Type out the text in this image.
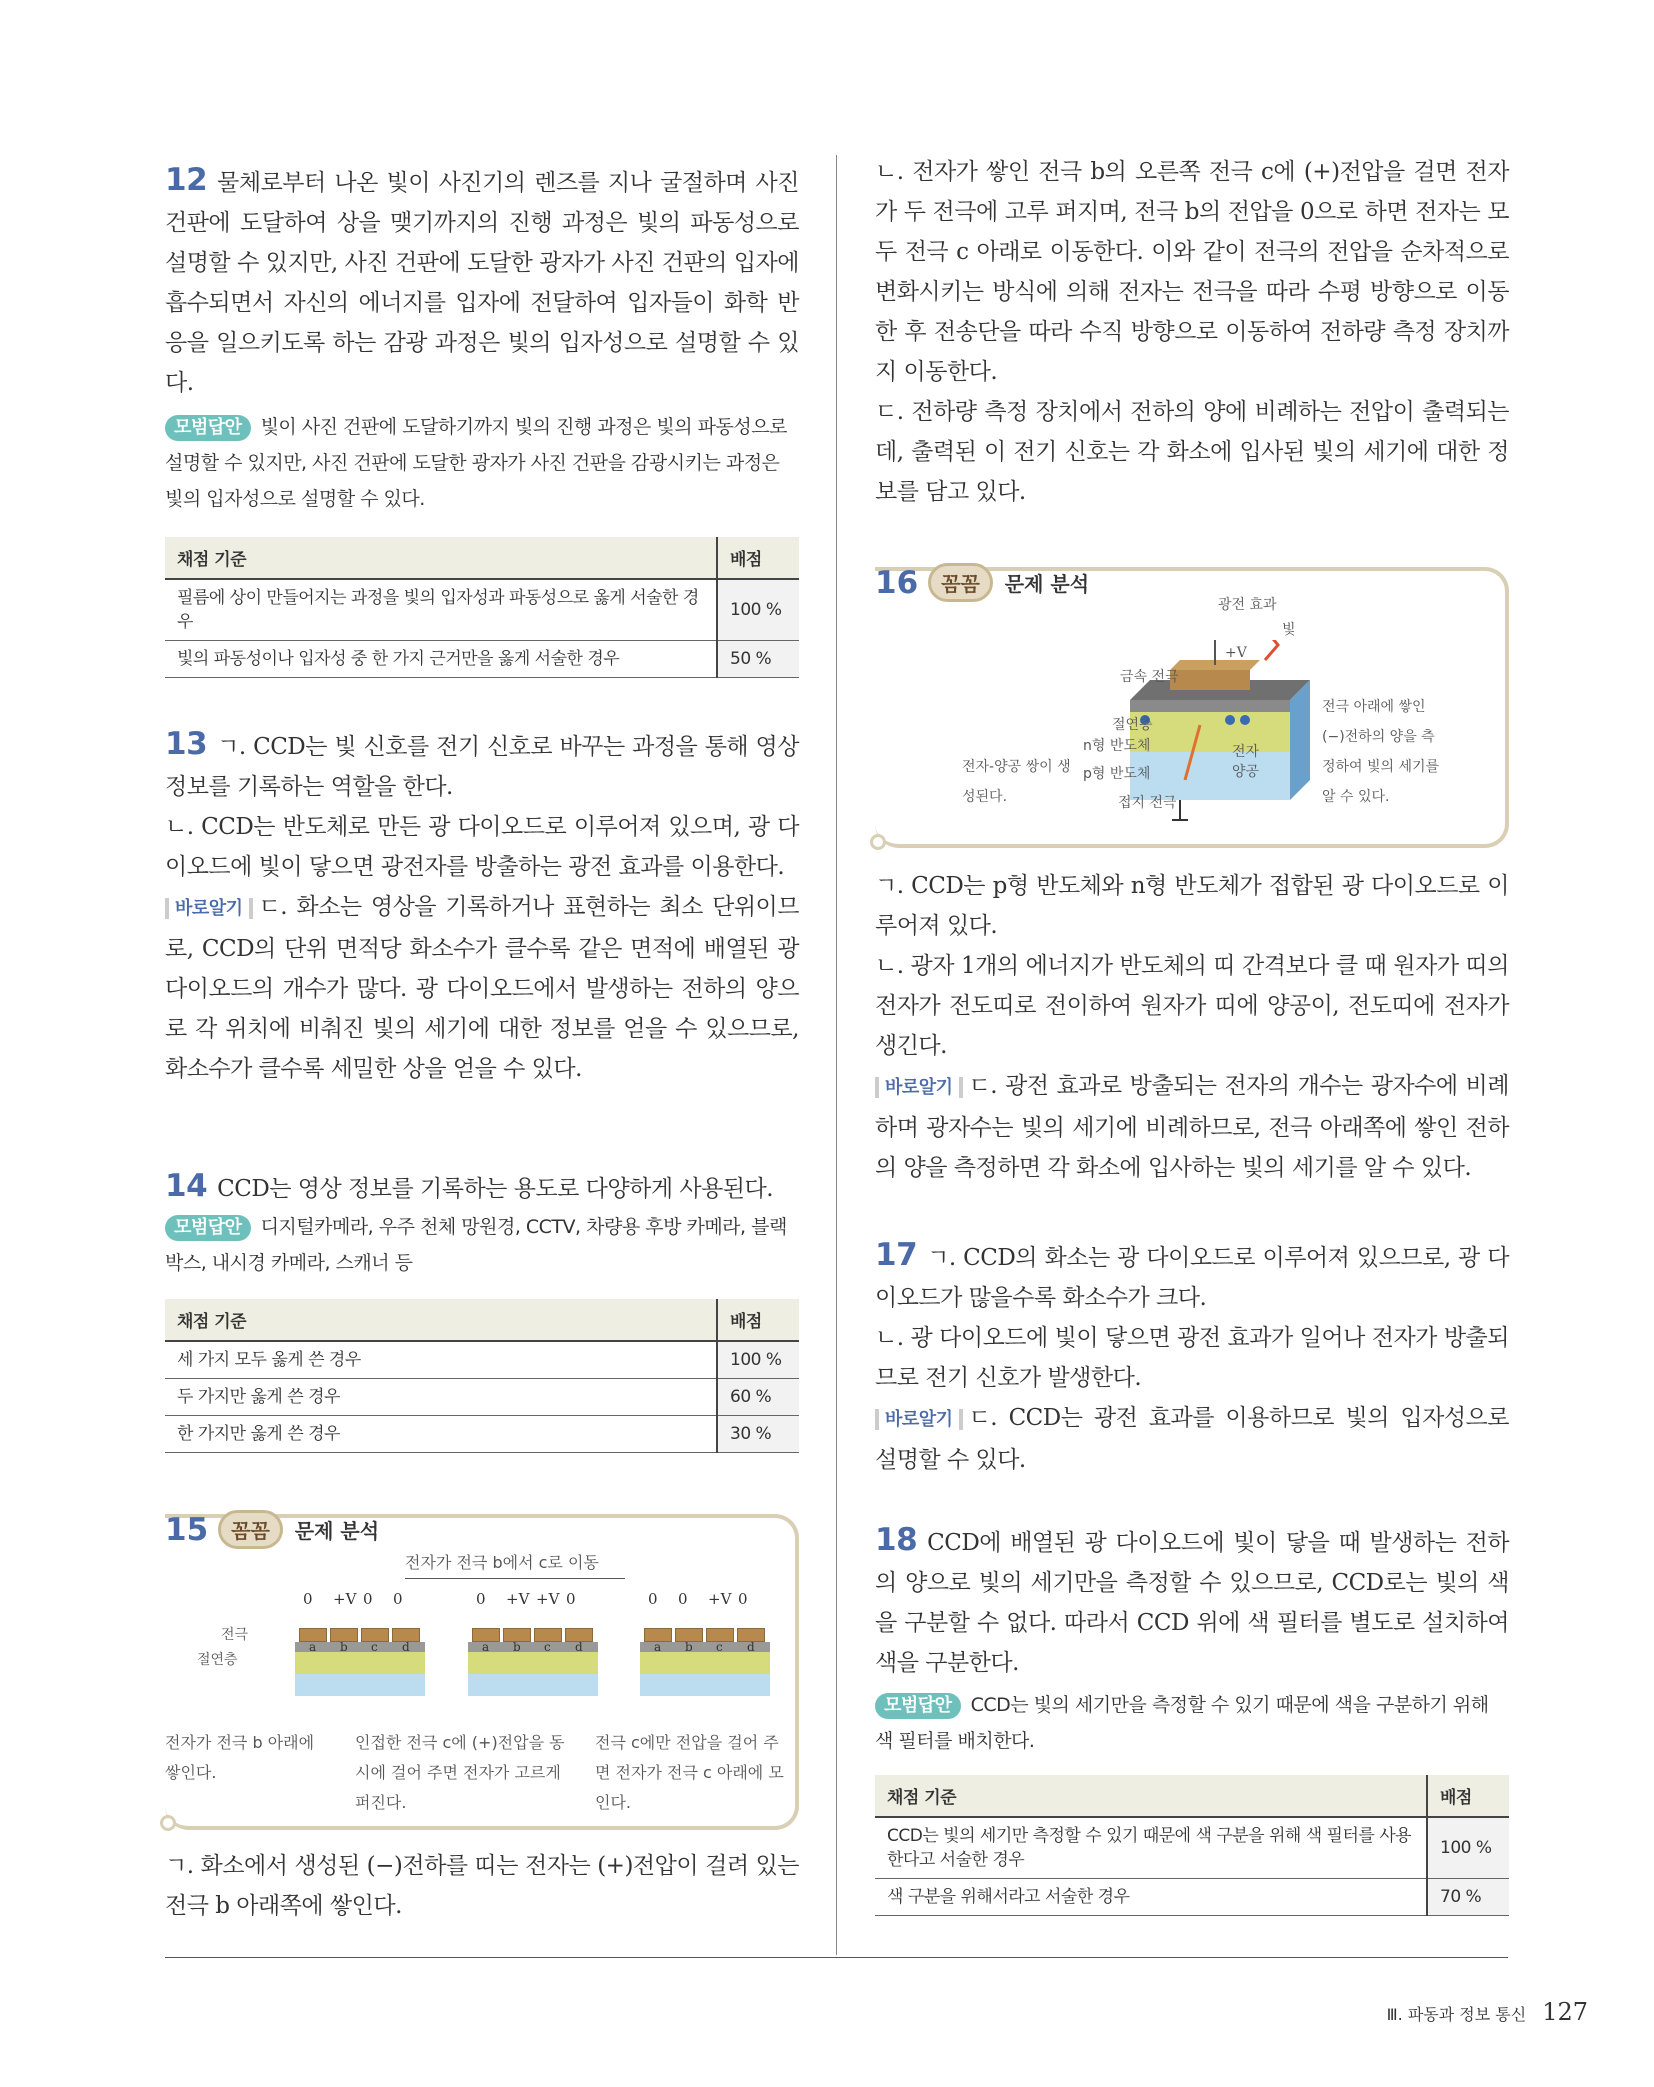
12 물체로부터 나온 빛이 사진기의 렌즈를 지나 굴절하며 사진 건판에 도달하여 상을 맺기까지의 진행 과정은 빛의 파동성으로 설명할 수 있지만, 사진 건판에 도달한 광자가 사진 건판의 입자에 흡수되면서 자신의 에너지를 입자에 전달하여 입자들이 화학 반응을 일으키도록 하는 감광 과정은 빛의 입자성으로 설명할 수 있다.

모범답안 빛이 사진 건판에 도달하기까지 빛의 진행 과정은 빛의 파동성으로 설명할 수 있지만, 사진 건판에 도달한 광자가 사진 건판을 감광시키는 과정은 빛의 입자성으로 설명할 수 있다.

채점 기준	배점
필름에 상이 만들어지는 과정을 빛의 입자성과 파동성으로 옳게 서술한 경우	100 %
빛의 파동성이나 입자성 중 한 가지 근거만을 옳게 서술한 경우	50 %

13 ㄱ. CCD는 빛 신호를 전기 신호로 바꾸는 과정을 통해 영상 정보를 기록하는 역할을 한다.

ㄴ. CCD는 반도체로 만든 광 다이오드로 이루어져 있으며, 광 다이오드에 빛이 닿으면 광전자를 방출하는 광전 효과를 이용한다.

바로알기 ㄷ. 화소는 영상을 기록하거나 표현하는 최소 단위이므로, CCD의 단위 면적당 화소수가 클수록 같은 면적에 배열된 광 다이오드의 개수가 많다. 광 다이오드에서 발생하는 전하의 양으로 각 위치에 비춰진 빛의 세기에 대한 정보를 얻을 수 있으므로, 화소수가 클수록 세밀한 상을 얻을 수 있다.

14 CCD는 영상 정보를 기록하는 용도로 다양하게 사용된다.

모범답안 디지털카메라, 우주 천체 망원경, CCTV, 차량용 후방 카메라, 블랙박스, 내시경 카메라, 스캐너 등

채점 기준	배점
세 가지 모두 옳게 쓴 경우	100 %
두 가지만 옳게 쓴 경우	60 %
한 가지만 옳게 쓴 경우	30 %
15	꼼꼼	문제 분석
전자가 전극 b에서 c로 이동
0
a
+V
b
0
c
0
d
0
a
+V
b
+V
c
0
d
0
a
0
b
+V
c
0
d
전극
절연층
전자가 전극 b 아래에 쌓인다.
인접한 전극 c에 (+)전압을 동시에 걸어 주면 전자가 고르게 퍼진다.
전극 c에만 전압을 걸어 주면 전자가 전극 c 아래에 모인다.

ㄱ. 화소에서 생성된 (−)전하를 띠는 전자는 (+)전압이 걸려 있는 전극 b 아래쪽에 쌓인다.

ㄴ. 전자가 쌓인 전극 b의 오른쪽 전극 c에 (+)전압을 걸면 전자가 두 전극에 고루 퍼지며, 전극 b의 전압을 0으로 하면 전자는 모두 전극 c 아래로 이동한다. 이와 같이 전극의 전압을 순차적으로 변화시키는 방식에 의해 전자는 전극을 따라 수평 방향으로 이동한 후 전송단을 따라 수직 방향으로 이동하여 전하량 측정 장치까지 이동한다.

ㄷ. 전하량 측정 장치에서 전하의 양에 비례하는 전압이 출력되는데, 출력된 이 전기 신호는 각 화소에 입사된 빛의 세기에 대한 정보를 담고 있다.

16	꼼꼼	문제 분석
광전 효과
빛
+V
금속 전극
절연층
n형 반도체
p형 반도체
접지 전극
전자
양공
전자-양공 쌍이 생성된다.
전극 아래에 쌓인 (−)전하의 양을 측정하여 빛의 세기를 알 수 있다.

ㄱ. CCD는 p형 반도체와 n형 반도체가 접합된 광 다이오드로 이루어져 있다.

ㄴ. 광자 1개의 에너지가 반도체의 띠 간격보다 클 때 원자가 띠의 전자가 전도띠로 전이하여 원자가 띠에 양공이, 전도띠에 전자가 생긴다.

바로알기 ㄷ. 광전 효과로 방출되는 전자의 개수는 광자수에 비례하며 광자수는 빛의 세기에 비례하므로, 전극 아래쪽에 쌓인 전하의 양을 측정하면 각 화소에 입사하는 빛의 세기를 알 수 있다.

17 ㄱ. CCD의 화소는 광 다이오드로 이루어져 있으므로, 광 다이오드가 많을수록 화소수가 크다.

ㄴ. 광 다이오드에 빛이 닿으면 광전 효과가 일어나 전자가 방출되므로 전기 신호가 발생한다.

바로알기 ㄷ. CCD는 광전 효과를 이용하므로 빛의 입자성으로 설명할 수 있다.

18 CCD에 배열된 광 다이오드에 빛이 닿을 때 발생하는 전하의 양으로 빛의 세기만을 측정할 수 있으므로, CCD로는 빛의 색을 구분할 수 없다. 따라서 CCD 위에 색 필터를 별도로 설치하여 색을 구분한다.

모범답안 CCD는 빛의 세기만을 측정할 수 있기 때문에 색을 구분하기 위해 색 필터를 배치한다.

채점 기준	배점
CCD는 빛의 세기만 측정할 수 있기 때문에 색 구분을 위해 색 필터를 사용한다고 서술한 경우	100 %
색 구분을 위해서라고 서술한 경우	70 %
Ⅲ. 파동과 정보 통신 127
